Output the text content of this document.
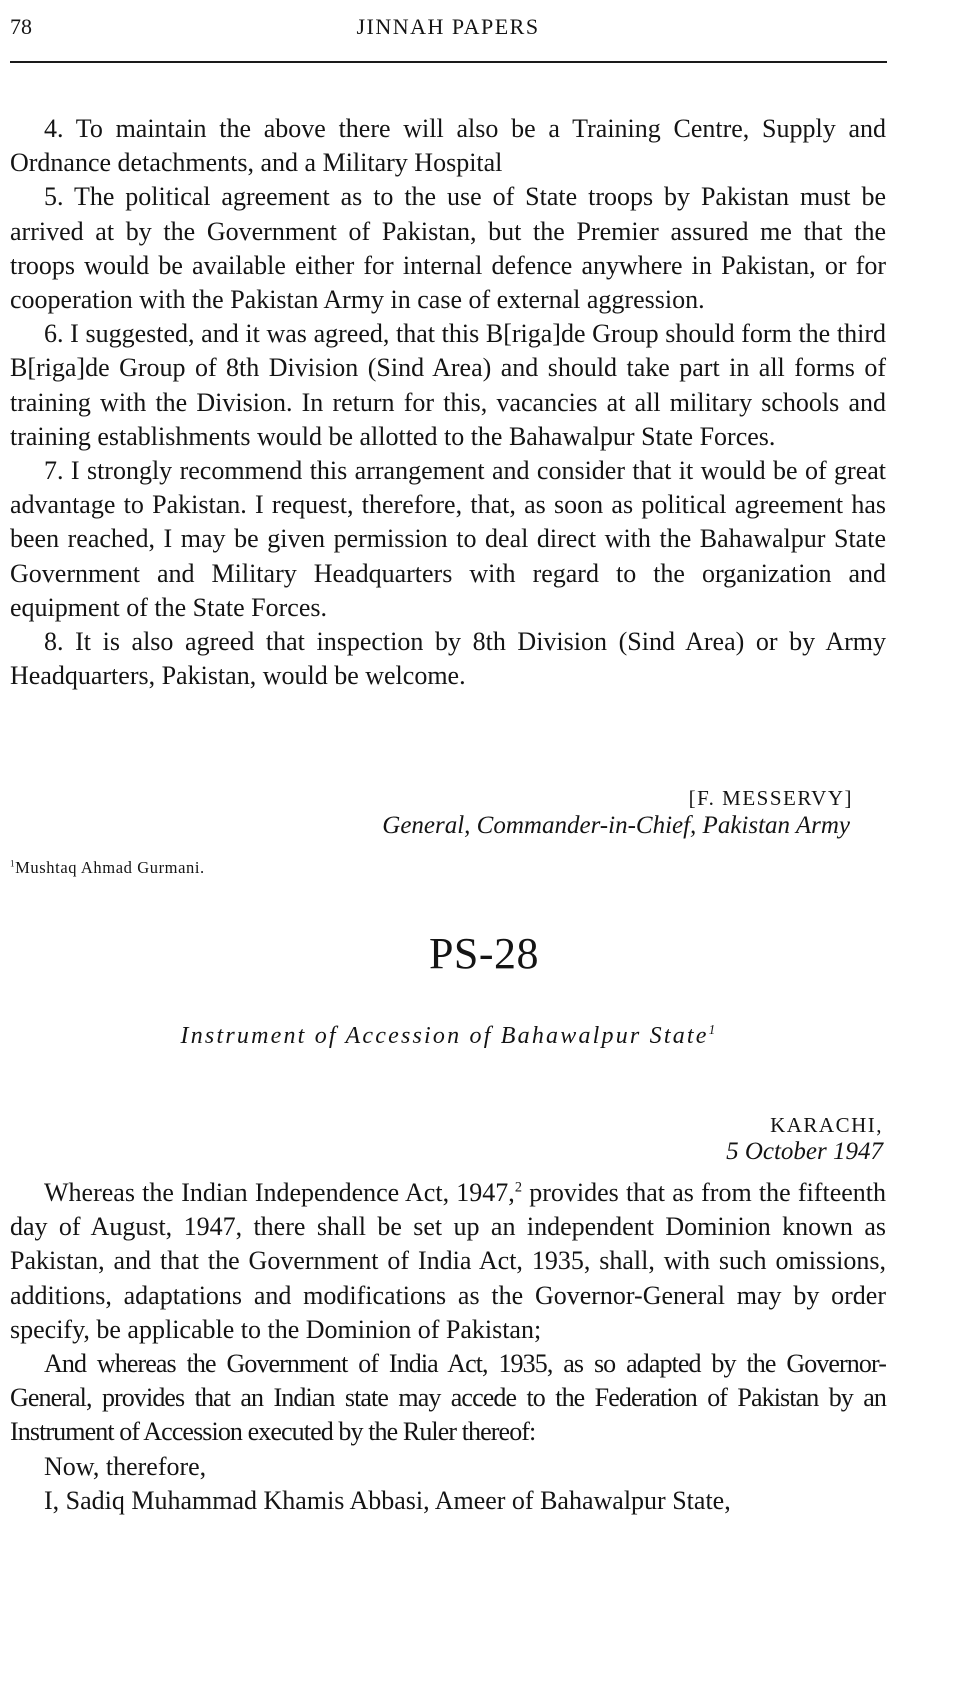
78	JINNAH PAPERS

4. To maintain the above there will also be a Training Centre, Supply and Ordnance detachments, and a Military Hospital

5. The political agreement as to the use of State troops by Pakistan must be arrived at by the Government of Pakistan, but the Premier assured me that the troops would be available either for internal defence anywhere in Pakistan, or for cooperation with the Pakistan Army in case of external aggression.

6. I suggested, and it was agreed, that this B[riga]de Group should form the third B[riga]de Group of 8th Division (Sind Area) and should take part in all forms of training with the Division. In return for this, vacancies at all military schools and training establishments would be allotted to the Bahawalpur State Forces.

7. I strongly recommend this arrangement and consider that it would be of great advantage to Pakistan. I request, therefore, that, as soon as political agreement has been reached, I may be given permission to deal direct with the Bahawalpur State Government and Military Headquarters with regard to the organization and equipment of the State Forces.

8. It is also agreed that inspection by 8th Division (Sind Area) or by Army Headquarters, Pakistan, would be welcome.

[F. MESSERVY]
General, Commander-in-Chief, Pakistan Army
$^1$Mushtaq Ahmad Gurmani.
PS-28
Instrument of Accession of Bahawalpur State$^1$
KARACHI,
5 October 1947

Whereas the Indian Independence Act, 1947,$^2$ provides that as from the fifteenth day of August, 1947, there shall be set up an independent Dominion known as Pakistan, and that the Government of India Act, 1935, shall, with such omissions, additions, adaptations and modifications as the Governor-General may by order specify, be applicable to the Dominion of Pakistan;

And whereas the Government of India Act, 1935, as so adapted by the Governor-General, provides that an Indian state may accede to the Federation of Pakistan by an Instrument of Accession executed by the Ruler thereof:

Now, therefore,

I, Sadiq Muhammad Khamis Abbasi, Ameer of Bahawalpur State,
